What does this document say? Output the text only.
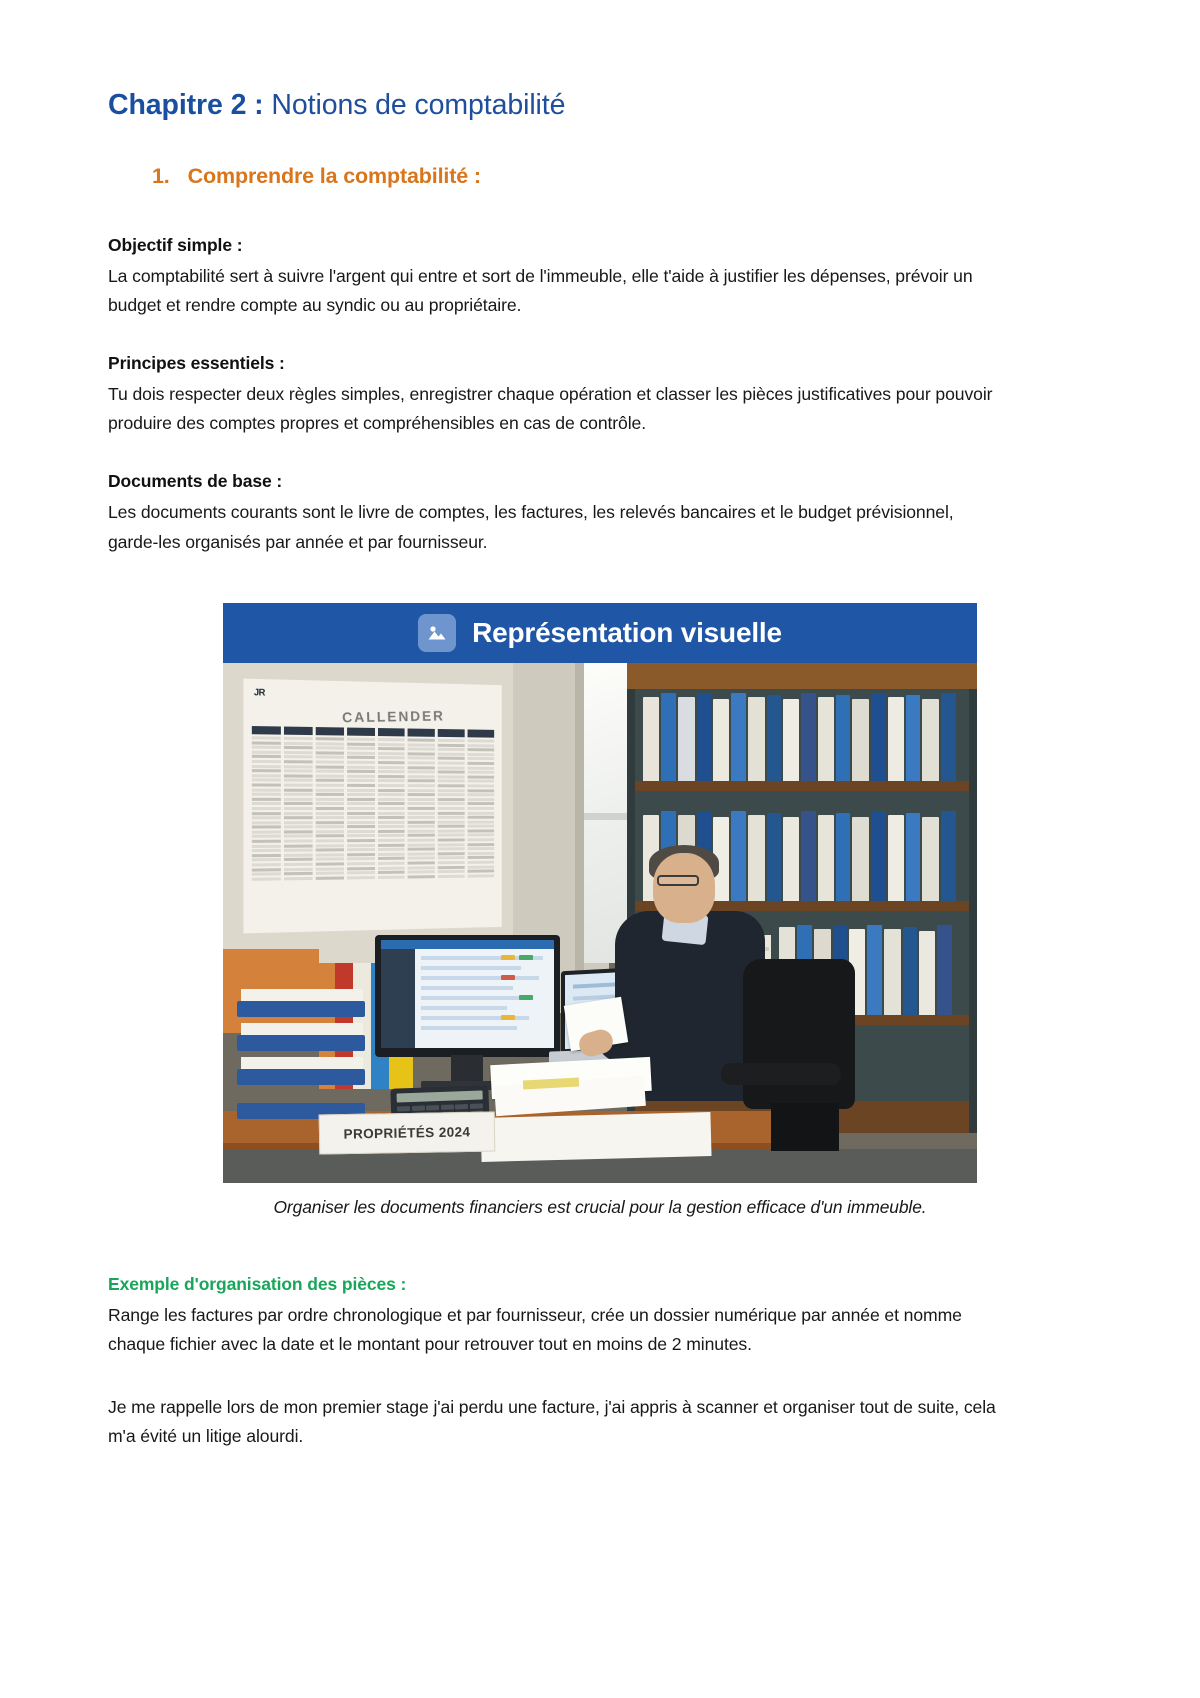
Chapitre 2 : Notions de comptabilité
1. Comprendre la comptabilité :
Objectif simple :

La comptabilité sert à suivre l'argent qui entre et sort de l'immeuble, elle t'aide à justifier les dépenses, prévoir un budget et rendre compte au syndic ou au propriétaire.

Principes essentiels :

Tu dois respecter deux règles simples, enregistrer chaque opération et classer les pièces justificatives pour pouvoir produire des comptes propres et compréhensibles en cas de contrôle.

Documents de base :

Les documents courants sont le livre de comptes, les factures, les relevés bancaires et le budget prévisionnel, garde-les organisés par année et par fournisseur.

Représentation visuelle
JR
CALLENDER
PROPRIÉTÉS 2024
Organiser les documents financiers est crucial pour la gestion efficace d'un immeuble.
Exemple d'organisation des pièces :

Range les factures par ordre chronologique et par fournisseur, crée un dossier numérique par année et nomme chaque fichier avec la date et le montant pour retrouver tout en moins de 2 minutes.

Je me rappelle lors de mon premier stage j'ai perdu une facture, j'ai appris à scanner et organiser tout de suite, cela m'a évité un litige alourdi.
